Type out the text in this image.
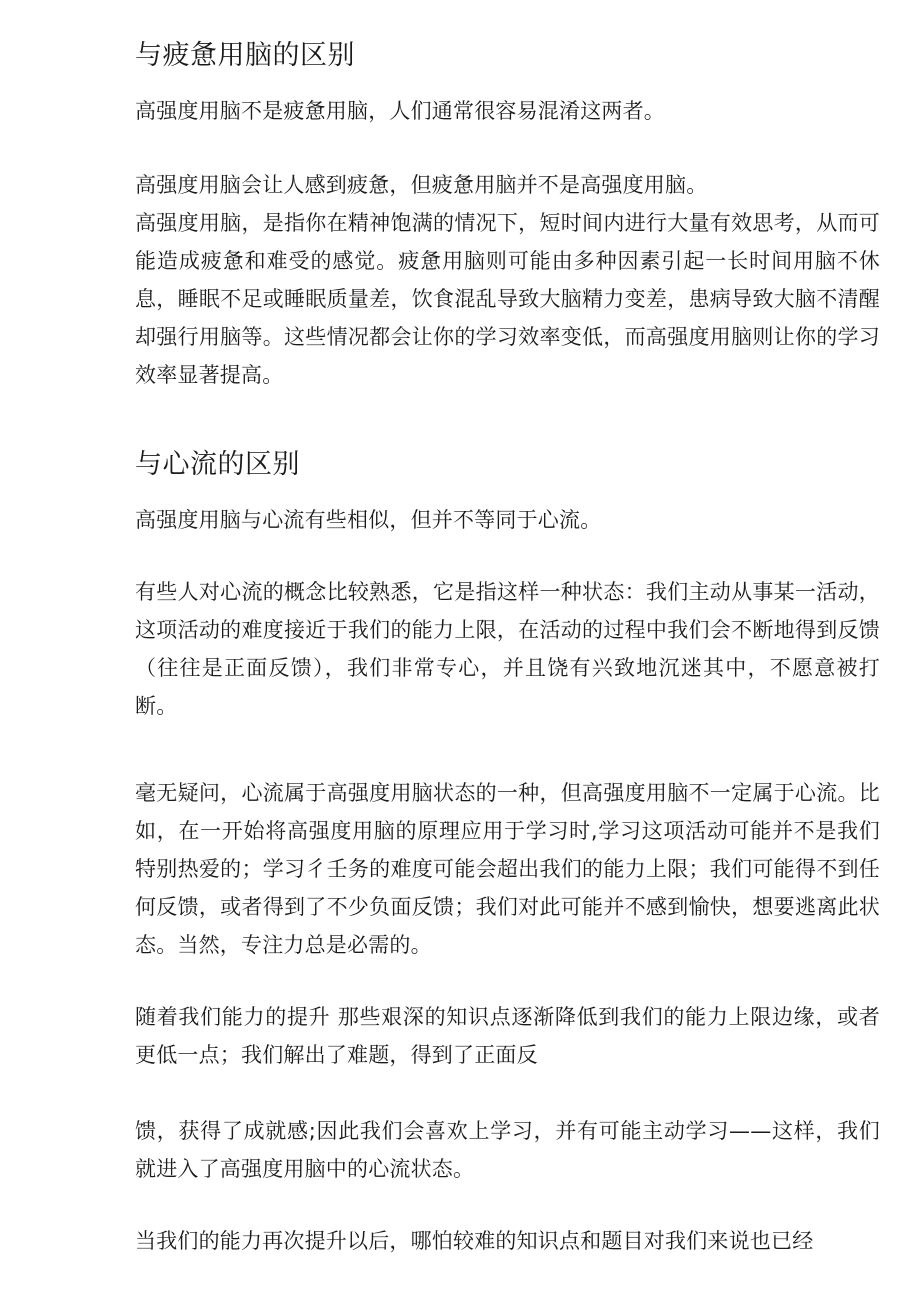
与疲惫用脑的区别

高强度用脑不是疲惫用脑，人们通常很容易混淆这两者。

高强度用脑会让人感到疲惫，但疲惫用脑并不是高强度用脑。

高强度用脑，是指你在精神饱满的情况下，短时间内进行大量有效思考，从而可能造成疲惫和难受的感觉。疲惫用脑则可能由多种因素引起一长时间用脑不休息，睡眠不足或睡眠质量差，饮食混乱导致大脑精力变差，患病导致大脑不清醒却强行用脑等。这些情况都会让你的学习效率变低，而高强度用脑则让你的学习效率显著提高。

与心流的区别

高强度用脑与心流有些相似，但并不等同于心流。

有些人对心流的概念比较熟悉，它是指这样一种状态：我们主动从事某一活动，这项活动的难度接近于我们的能力上限，在活动的过程中我们会不断地得到反馈（往往是正面反馈），我们非常专心，并且饶有兴致地沉迷其中，不愿意被打断。

毫无疑问，心流属于高强度用脑状态的一种，但高强度用脑不一定属于心流。比如，在一开始将高强度用脑的原理应用于学习时,学习这项活动可能并不是我们特别热爱的；学习彳壬务的难度可能会超出我们的能力上限；我们可能得不到任何反馈，或者得到了不少负面反馈；我们对此可能并不感到愉快，想要逃离此状态。当然，专注力总是必需的。

随着我们能力的提升 那些艰深的知识点逐渐降低到我们的能力上限边缘，或者更低一点；我们解出了难题，得到了正面反

馈，获得了成就感;因此我们会喜欢上学习，并有可能主动学习——这样，我们就进入了高强度用脑中的心流状态。

当我们的能力再次提升以后，哪怕较难的知识点和题目对我们来说也已经
